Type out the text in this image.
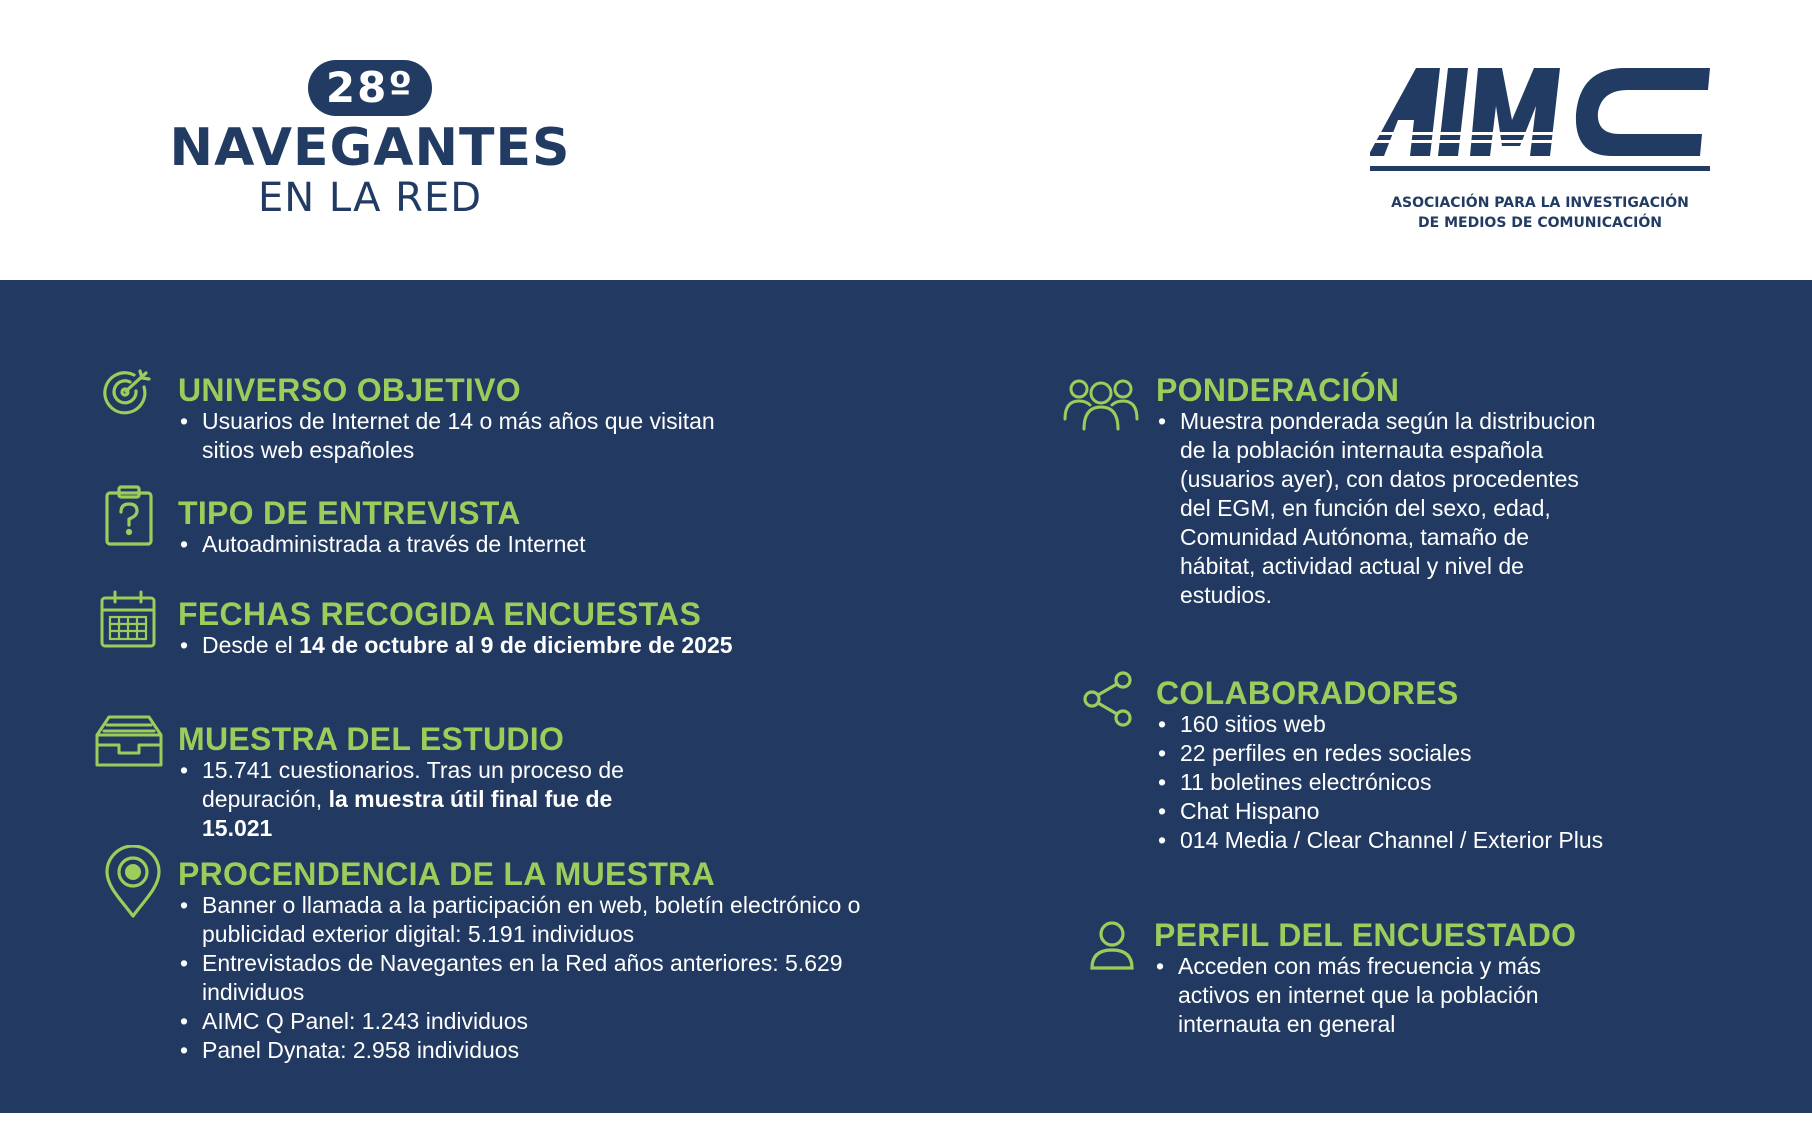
28º
NAVEGANTES
EN LA RED	ASOCIACIÓN PARA LA INVESTIGACIÓN
DE MEDIOS DE COMUNICACIÓN
UNIVERSO OBJETIVO
• Usuarios de Internet de 14 o más años que visitan sitios web españoles
TIPO DE ENTREVISTA
• Autoadministrada a través de Internet
FECHAS RECOGIDA ENCUESTAS
• Desde el 14 de octubre al 9 de diciembre de 2025
MUESTRA DEL ESTUDIO
• 15.741 cuestionarios. Tras un proceso de depuración, la muestra útil final fue de 15.021
PROCENDENCIA DE LA MUESTRA
• Banner o llamada a la participación en web, boletín electrónico o publicidad exterior digital: 5.191 individuos
• Entrevistados de Navegantes en la Red años anteriores: 5.629 individuos
• AIMC Q Panel: 1.243 individuos
• Panel Dynata: 2.958 individuos
PONDERACIÓN
• Muestra ponderada según la distribucion de la población internauta española (usuarios ayer), con datos procedentes del EGM, en función del sexo, edad, Comunidad Autónoma, tamaño de hábitat, actividad actual y nivel de estudios.
COLABORADORES
• 160 sitios web
• 22 perfiles en redes sociales
• 11 boletines electrónicos
• Chat Hispano
• 014 Media / Clear Channel / Exterior Plus
PERFIL DEL ENCUESTADO
• Acceden con más frecuencia y más activos en internet que la población internauta en general
